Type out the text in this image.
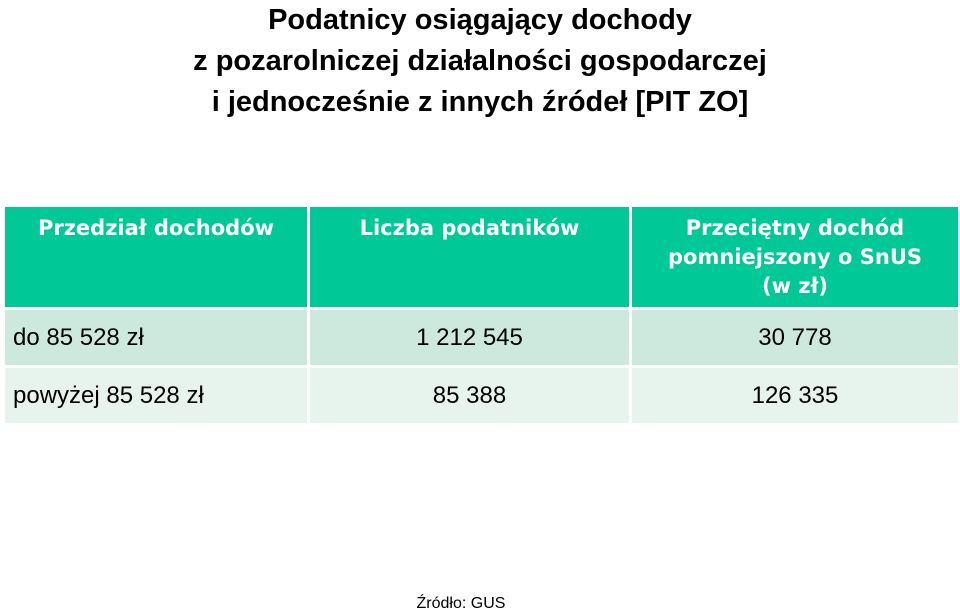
Podatnicy osiągający dochody
z pozarolniczej działalności gospodarczej
i jednocześnie z innych źródeł [PIT ZO]
Przedział dochodów	Liczba podatników	Przeciętny dochód
pomniejszony o SnUS
(w zł)

do 85 528 zł	1 212 545	30 778
powyżej 85 528 zł	85 388	126 335
Źródło: GUS
